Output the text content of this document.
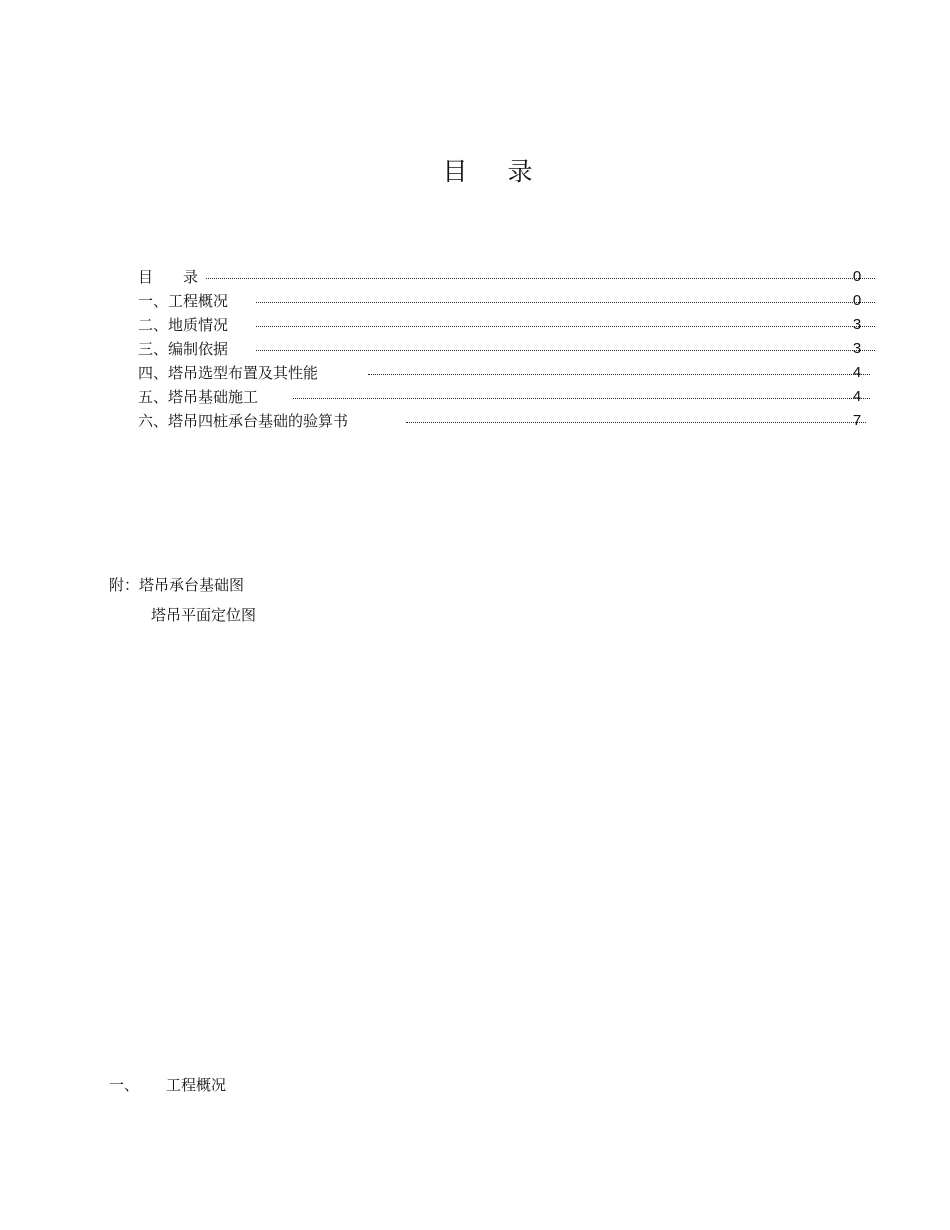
目 录
目　　录	0
一、工程概况	0
二、地质情况	3
三、编制依据	3
四、塔吊选型布置及其性能	4
五、塔吊基础施工	4
六、塔吊四桩承台基础的验算书	7
附：塔吊承台基础图
塔吊平面定位图
一、 工程概况
